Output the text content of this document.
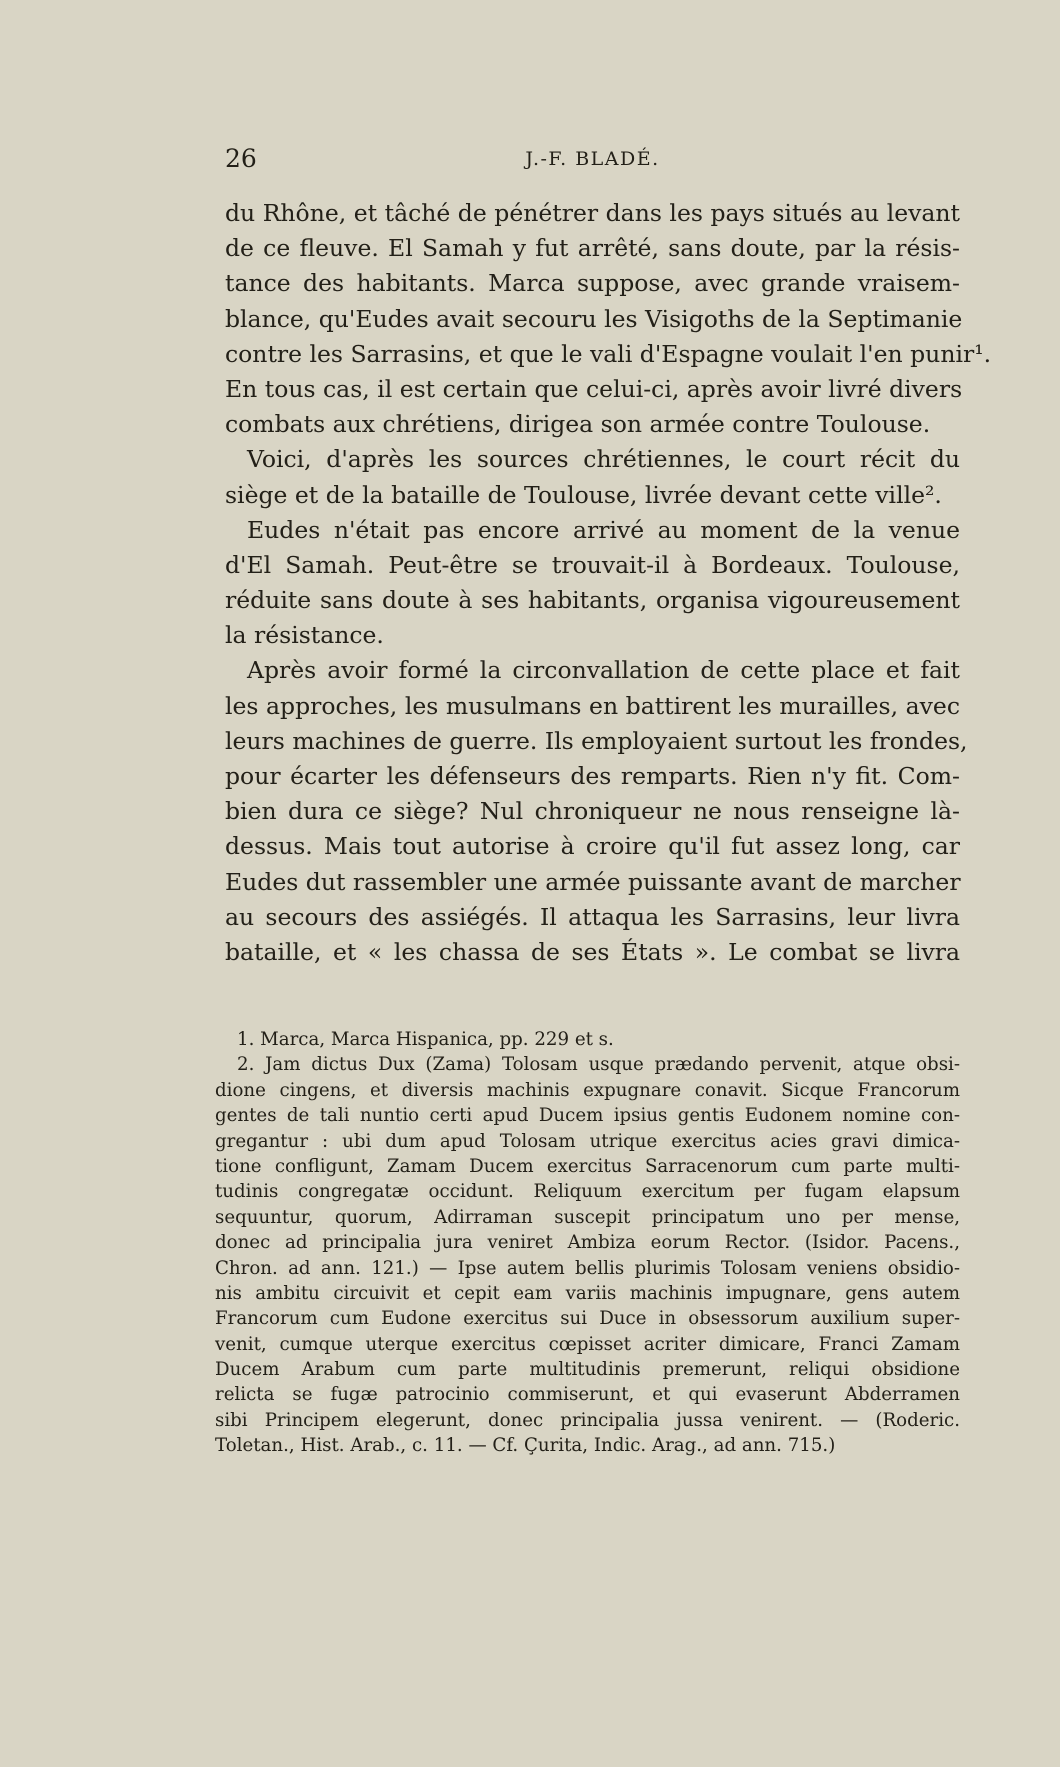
26	J.-F. BLADÉ.
du Rhône, et tâché de pénétrer dans les pays situés au levant
de ce fleuve. El Samah y fut arrêté, sans doute, par la résis-
tance des habitants. Marca suppose, avec grande vraisem-
blance, qu'Eudes avait secouru les Visigoths de la Septimanie
contre les Sarrasins, et que le vali d'Espagne voulait l'en punir¹.
En tous cas, il est certain que celui-ci, après avoir livré divers
combats aux chrétiens, dirigea son armée contre Toulouse.
Voici, d'après les sources chrétiennes, le court récit du
siège et de la bataille de Toulouse, livrée devant cette ville².
Eudes n'était pas encore arrivé au moment de la venue
d'El Samah. Peut-être se trouvait-il à Bordeaux. Toulouse,
réduite sans doute à ses habitants, organisa vigoureusement
la résistance.
Après avoir formé la circonvallation de cette place et fait
les approches, les musulmans en battirent les murailles, avec
leurs machines de guerre. Ils employaient surtout les frondes,
pour écarter les défenseurs des remparts. Rien n'y fit. Com-
bien dura ce siège? Nul chroniqueur ne nous renseigne là-
dessus. Mais tout autorise à croire qu'il fut assez long, car
Eudes dut rassembler une armée puissante avant de marcher
au secours des assiégés. Il attaqua les Sarrasins, leur livra
bataille, et « les chassa de ses États ». Le combat se livra
1. Marca, Marca Hispanica, pp. 229 et s.
2. Jam dictus Dux (Zama) Tolosam usque prædando pervenit, atque obsi-
dione cingens, et diversis machinis expugnare conavit. Sicque Francorum
gentes de tali nuntio certi apud Ducem ipsius gentis Eudonem nomine con-
gregantur : ubi dum apud Tolosam utrique exercitus acies gravi dimica-
tione confligunt, Zamam Ducem exercitus Sarracenorum cum parte multi-
tudinis congregatæ occidunt. Reliquum exercitum per fugam elapsum
sequuntur, quorum, Adirraman suscepit principatum uno per mense,
donec ad principalia jura veniret Ambiza eorum Rector. (Isidor. Pacens.,
Chron. ad ann. 121.) — Ipse autem bellis plurimis Tolosam veniens obsidio-
nis ambitu circuivit et cepit eam variis machinis impugnare, gens autem
Francorum cum Eudone exercitus sui Duce in obsessorum auxilium super-
venit, cumque uterque exercitus cœpisset acriter dimicare, Franci Zamam
Ducem Arabum cum parte multitudinis premerunt, reliqui obsidione
relicta se fugæ patrocinio commiserunt, et qui evaserunt Abderramen
sibi Principem elegerunt, donec principalia jussa venirent. — (Roderic.
Toletan., Hist. Arab., c. 11. — Cf. Çurita, Indic. Arag., ad ann. 715.)
